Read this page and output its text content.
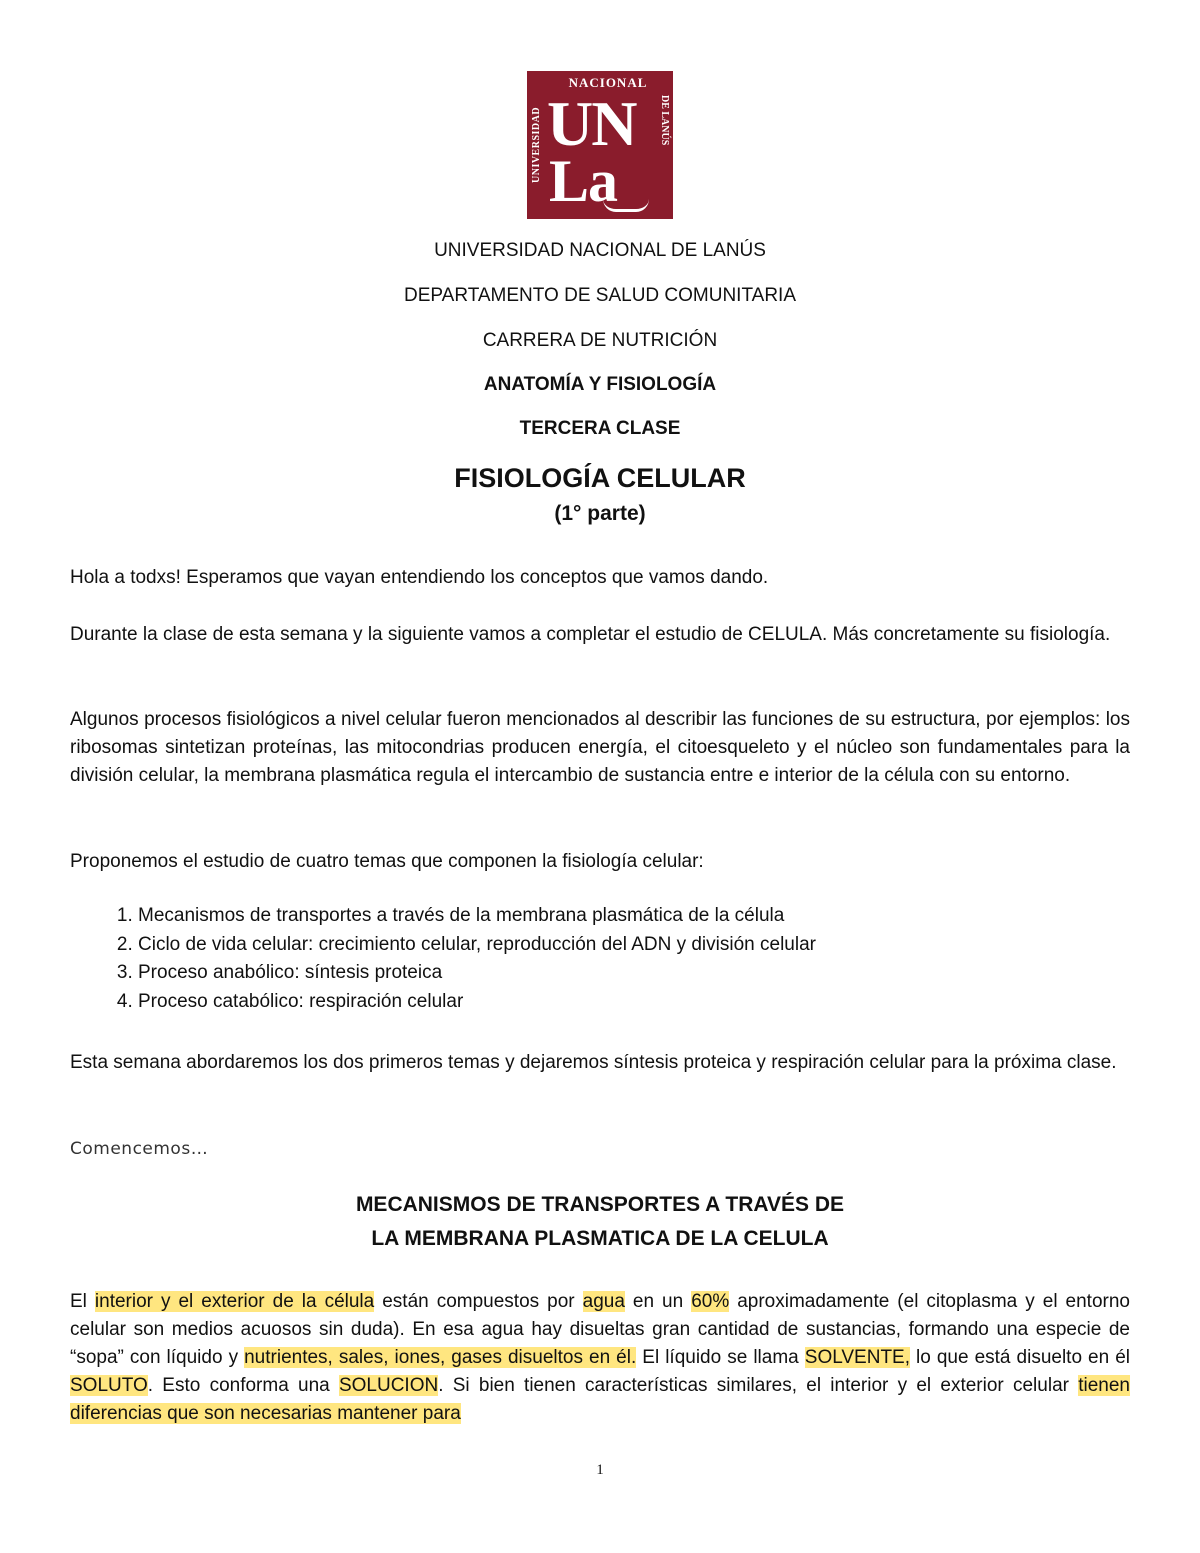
UNIVERSIDAD
NACIONAL
DE LANÚS
UN
La
UNIVERSIDAD NACIONAL DE LANÚS
DEPARTAMENTO DE SALUD COMUNITARIA
CARRERA DE NUTRICIÓN
ANATOMÍA Y FISIOLOGÍA
TERCERA CLASE
FISIOLOGÍA CELULAR
(1° parte)
Hola a todxs! Esperamos que vayan entendiendo los conceptos que vamos dando.
Durante la clase de esta semana y la siguiente vamos a completar el estudio de CELULA. Más concretamente su fisiología.
Algunos procesos fisiológicos a nivel celular fueron mencionados al describir las funciones de su estructura, por ejemplos: los ribosomas sintetizan proteínas, las mitocondrias producen energía, el citoesqueleto y el núcleo son fundamentales para la división celular, la membrana plasmática regula el intercambio de sustancia entre e interior de la célula con su entorno.
Proponemos el estudio de cuatro temas que componen la fisiología celular:
1. Mecanismos de transportes a través de la membrana plasmática de la célula
2. Ciclo de vida celular: crecimiento celular, reproducción del ADN y división celular
3. Proceso anabólico: síntesis proteica
4. Proceso catabólico: respiración celular
Esta semana abordaremos los dos primeros temas y dejaremos síntesis proteica y respiración celular para la próxima clase.
Comencemos…
MECANISMOS DE TRANSPORTES A TRAVÉS DE
LA MEMBRANA PLASMATICA DE LA CELULA
El interior y el exterior de la célula están compuestos por agua en un 60% aproximadamente (el citoplasma y el entorno celular son medios acuosos sin duda). En esa agua hay disueltas gran cantidad de sustancias, formando una especie de “sopa” con líquido y nutrientes, sales, iones, gases disueltos en él. El líquido se llama SOLVENTE, lo que está disuelto en él SOLUTO. Esto conforma una SOLUCION. Si bien tienen características similares, el interior y el exterior celular tienen diferencias que son necesarias mantener para
1
